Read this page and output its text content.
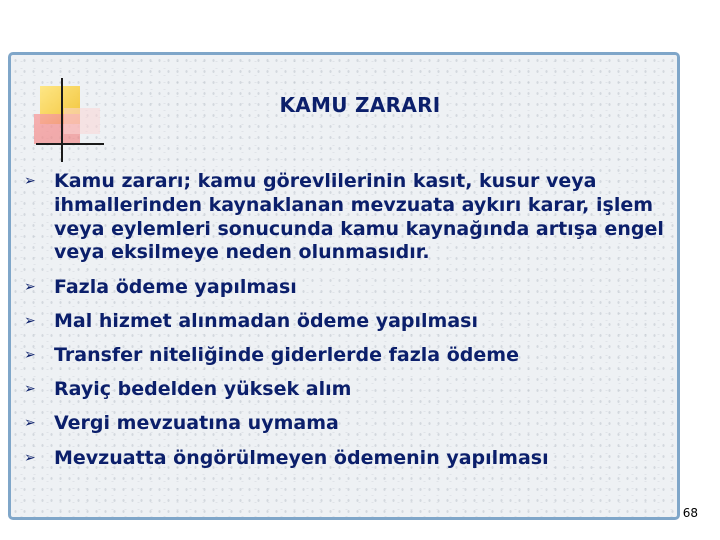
KAMU ZARARI
➢ Kamu zararı; kamu görevlilerinin kasıt, kusur veya ihmallerinden kaynaklanan mevzuata aykırı karar, işlem veya eylemleri sonucunda kamu kaynağında artışa engel veya eksilmeye neden olunmasıdır.
➢ Fazla ödeme yapılması
➢ Mal hizmet alınmadan ödeme yapılması
➢ Transfer niteliğinde giderlerde fazla ödeme
➢ Rayiç bedelden yüksek alım
➢ Vergi mevzuatına uymama
➢ Mevzuatta öngörülmeyen ödemenin yapılması
68
